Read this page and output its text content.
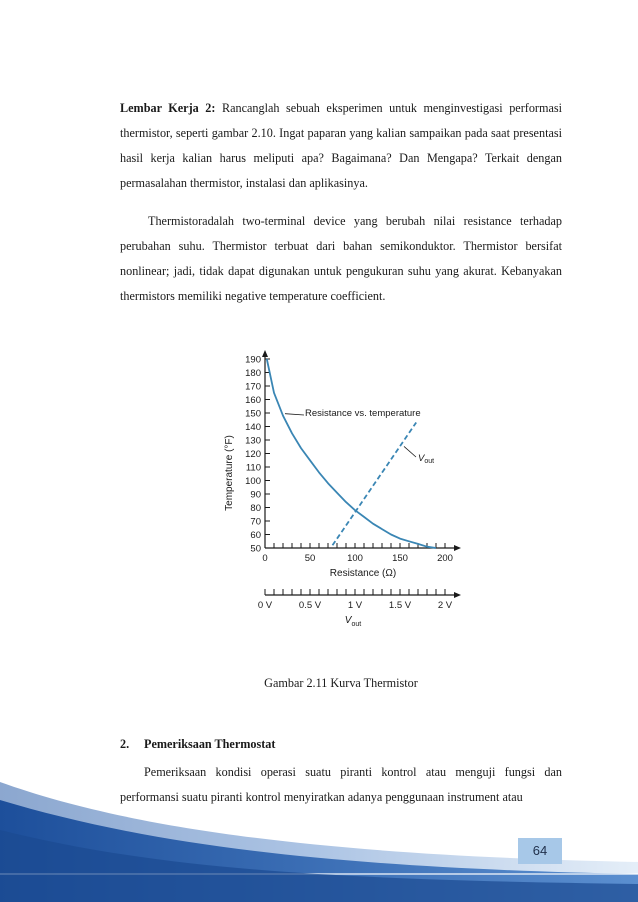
Lembar Kerja 2: Rancanglah sebuah eksperimen untuk menginvestigasi performasi thermistor, seperti gambar 2.10. Ingat paparan yang kalian sampaikan pada saat presentasi hasil kerja kalian harus meliputi apa? Bagaimana? Dan Mengapa? Terkait dengan permasalahan thermistor, instalasi dan aplikasinya.

Thermistoradalah two-terminal device yang berubah nilai resistance terhadap perubahan suhu. Thermistor terbuat dari bahan semikonduktor. Thermistor bersifat nonlinear; jadi, tidak dapat digunakan untuk pengukuran suhu yang akurat. Kebanyakan thermistors memiliki negative temperature coefficient.

Temperature (°F)
190
180
170
160
150
140
130
120
110
100
90
80
70
60
50
0	50	100	150	200
Resistance (Ω)
0 V	0.5 V	1 V	1.5 V	2 V
$V_{out}$
Resistance vs. temperature
$V_{out}$
Gambar 2.11 Kurva Thermistor
2. Pemeriksaan Thermostat

Pemeriksaan kondisi operasi suatu piranti kontrol atau menguji fungsi dan performansi suatu piranti kontrol menyiratkan adanya penggunaan instrument atau

64
